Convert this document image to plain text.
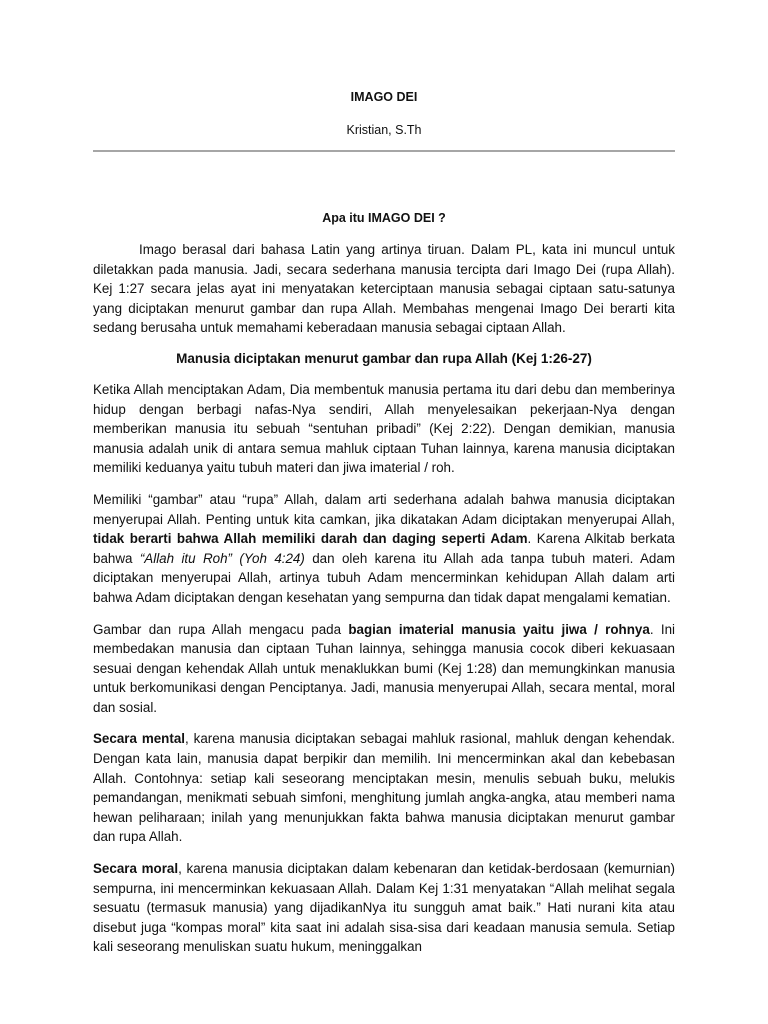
IMAGO DEI
Kristian, S.Th
Apa itu IMAGO DEI ?

Imago berasal dari bahasa Latin yang artinya tiruan. Dalam PL, kata ini muncul untuk diletakkan pada manusia. Jadi, secara sederhana manusia tercipta dari Imago Dei (rupa Allah). Kej 1:27 secara jelas ayat ini menyatakan keterciptaan manusia sebagai ciptaan satu-satunya yang diciptakan menurut gambar dan rupa Allah. Membahas mengenai Imago Dei berarti kita sedang berusaha untuk memahami keberadaan manusia sebagai ciptaan Allah.

Manusia diciptakan menurut gambar dan rupa Allah (Kej 1:26-27)

Ketika Allah menciptakan Adam, Dia membentuk manusia pertama itu dari debu dan memberinya hidup dengan berbagi nafas-Nya sendiri, Allah menyelesaikan pekerjaan-Nya dengan memberikan manusia itu sebuah “sentuhan pribadi” (Kej 2:22). Dengan demikian, manusia manusia adalah unik di antara semua mahluk ciptaan Tuhan lainnya, karena manusia diciptakan memiliki keduanya yaitu tubuh materi dan jiwa imaterial / roh.

Memiliki “gambar” atau “rupa” Allah, dalam arti sederhana adalah bahwa manusia diciptakan menyerupai Allah. Penting untuk kita camkan, jika dikatakan Adam diciptakan menyerupai Allah, tidak berarti bahwa Allah memiliki darah dan daging seperti Adam. Karena Alkitab berkata bahwa “Allah itu Roh” (Yoh 4:24) dan oleh karena itu Allah ada tanpa tubuh materi. Adam diciptakan menyerupai Allah, artinya tubuh Adam mencerminkan kehidupan Allah dalam arti bahwa Adam diciptakan dengan kesehatan yang sempurna dan tidak dapat mengalami kematian.

Gambar dan rupa Allah mengacu pada bagian imaterial manusia yaitu jiwa / rohnya. Ini membedakan manusia dan ciptaan Tuhan lainnya, sehingga manusia cocok diberi kekuasaan sesuai dengan kehendak Allah untuk menaklukkan bumi (Kej 1:28) dan memungkinkan manusia untuk berkomunikasi dengan Penciptanya. Jadi, manusia menyerupai Allah, secara mental, moral dan sosial.

Secara mental, karena manusia diciptakan sebagai mahluk rasional, mahluk dengan kehendak. Dengan kata lain, manusia dapat berpikir dan memilih. Ini mencerminkan akal dan kebebasan Allah. Contohnya: setiap kali seseorang menciptakan mesin, menulis sebuah buku, melukis pemandangan, menikmati sebuah simfoni, menghitung jumlah angka-angka, atau memberi nama hewan peliharaan; inilah yang menunjukkan fakta bahwa manusia diciptakan menurut gambar dan rupa Allah.

Secara moral, karena manusia diciptakan dalam kebenaran dan ketidak-berdosaan (kemurnian) sempurna, ini mencerminkan kekuasaan Allah. Dalam Kej 1:31 menyatakan “Allah melihat segala sesuatu (termasuk manusia) yang dijadikanNya itu sungguh amat baik.” Hati nurani kita atau disebut juga “kompas moral” kita saat ini adalah sisa-sisa dari keadaan manusia semula. Setiap kali seseorang menuliskan suatu hukum, meninggalkan
